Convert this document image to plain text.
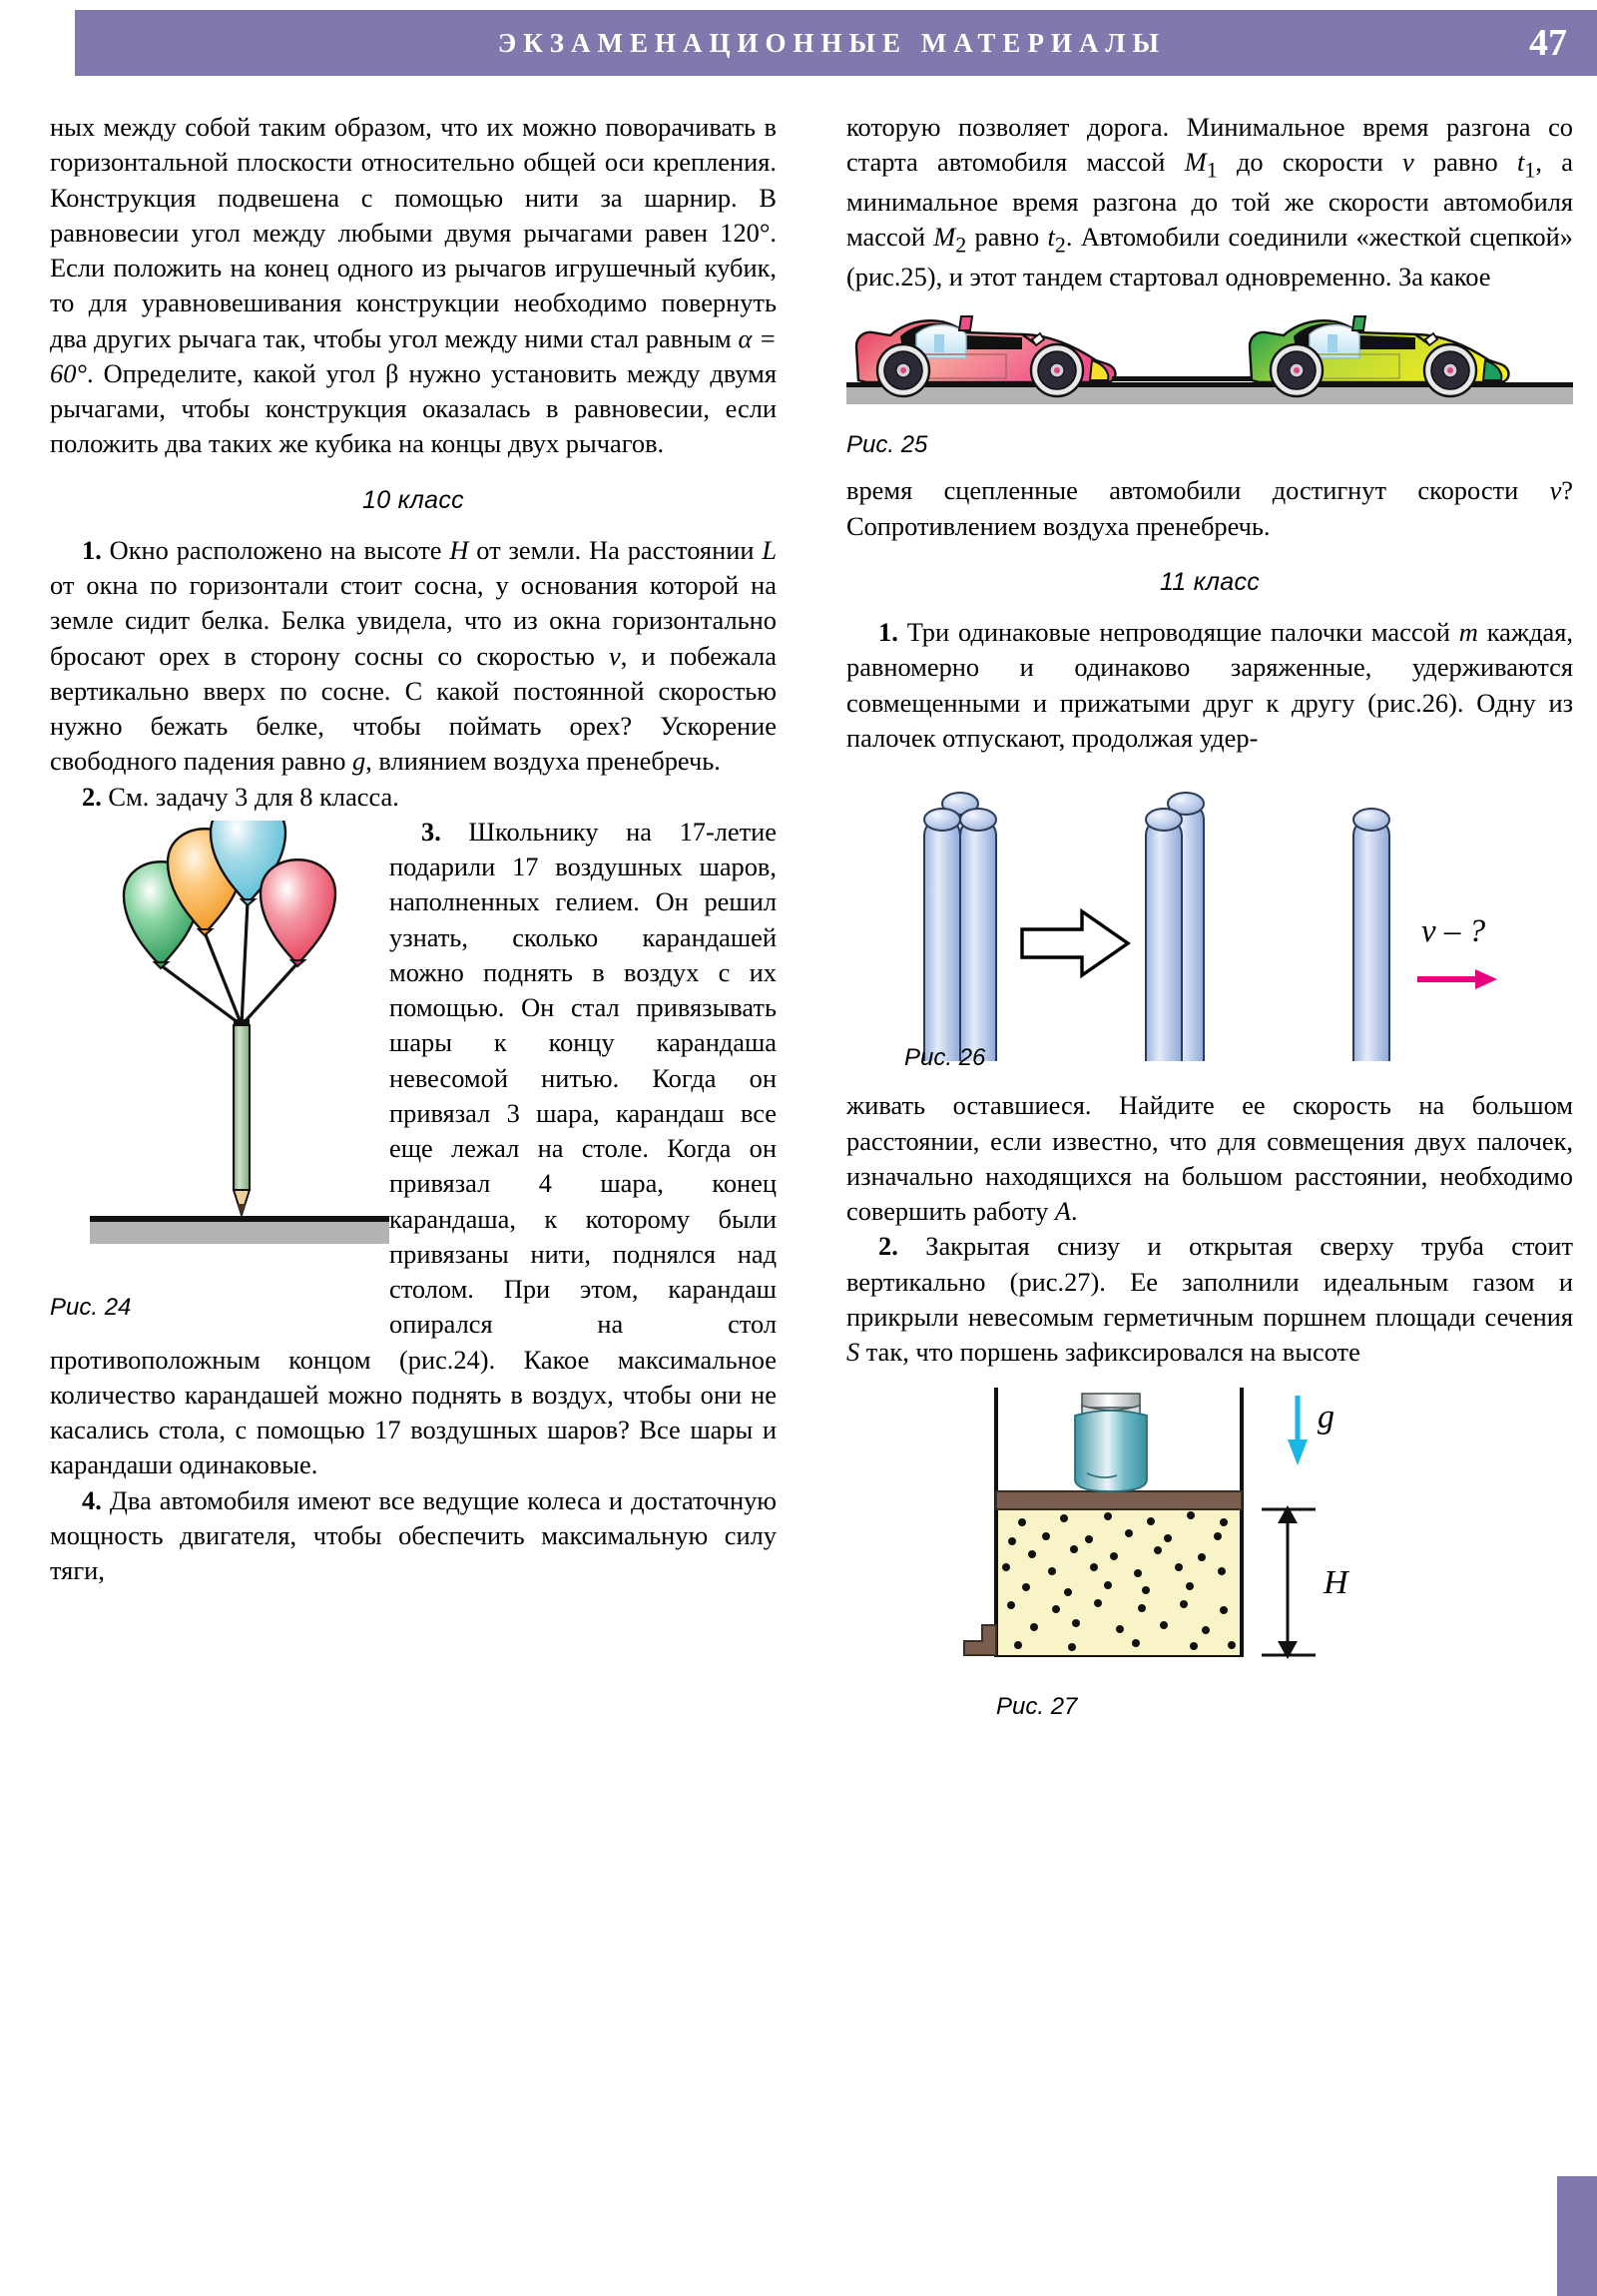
ЭКЗАМЕНАЦИОННЫЕ МАТЕРИАЛЫ	47

ных между собой таким образом, что их можно поворачивать в горизонтальной плоскости относительно общей оси крепления. Конструкция подвешена с помощью нити за шарнир. В равновесии угол между любыми двумя рычагами равен 120°. Если положить на конец одного из рычагов игрушечный кубик, то для уравновешивания конструкции необходимо повернуть два других рычага так, чтобы угол между ними стал равным α = 60°. Определите, какой угол β нужно установить между двумя рычагами, чтобы конструкция оказалась в равновесии, если положить два таких же кубика на концы двух рычагов.

10 класс

1. Окно расположено на высоте H от земли. На расстоянии L от окна по горизонтали стоит сосна, у основания которой на земле сидит белка. Белка увидела, что из окна горизонтально бросают орех в сторону сосны со скоростью v, и побежала вертикально вверх по сосне. С какой постоянной скоростью нужно бежать белке, чтобы поймать орех? Ускорение свободного падения равно g, влиянием воздуха пренебречь.

2. См. задачу 3 для 8 класса.

Рис. 24
3. Школьнику на 17-летие подарили 17 воздушных шаров, наполненных гелием. Он решил узнать, сколько карандашей можно поднять в воздух с их помощью. Он стал привязывать шары к концу карандаша невесомой нитью. Когда он привязал 3 шара, карандаш все еще лежал на столе. Когда он привязал 4 шара, конец карандаша, к которому были привязаны нити, поднялся над столом. При этом, карандаш опирался на стол противоположным концом (рис.24). Какое максимальное количество карандашей можно поднять в воздух, чтобы они не касались стола, с помощью 17 воздушных шаров? Все шары и карандаши одинаковые.

4. Два автомобиля имеют все ведущие колеса и достаточную мощность двигателя, чтобы обеспечить максимальную силу тяги,

которую позволяет дорога. Минимальное время разгона со старта автомобиля массой $M_1$ до скорости v равно $t_1$, а минимальное время разгона до той же скорости автомобиля массой $M_2$ равно $t_2$. Автомобили соединили «жесткой сцепкой» (рис.25), и этот тандем стартовал одновременно. За какое

Рис. 25

время сцепленные автомобили достигнут скорости v? Сопротивлением воздуха пренебречь.

11 класс

1. Три одинаковые непроводящие палочки массой m каждая, равномерно и одинаково заряженные, удерживаются совмещенными и прижатыми друг к другу (рис.26). Одну из палочек отпускают, продолжая удер-

v – ?
Рис. 26

живать оставшиеся. Найдите ее скорость на большом расстоянии, если известно, что для совмещения двух палочек, изначально находящихся на большом расстоянии, необходимо совершить работу A.

2. Закрытая снизу и открытая сверху труба стоит вертикально (рис.27). Ее заполнили идеальным газом и прикрыли невесомым герметичным поршнем площади сечения S так, что поршень зафиксировался на высоте

g
H
Рис. 27
